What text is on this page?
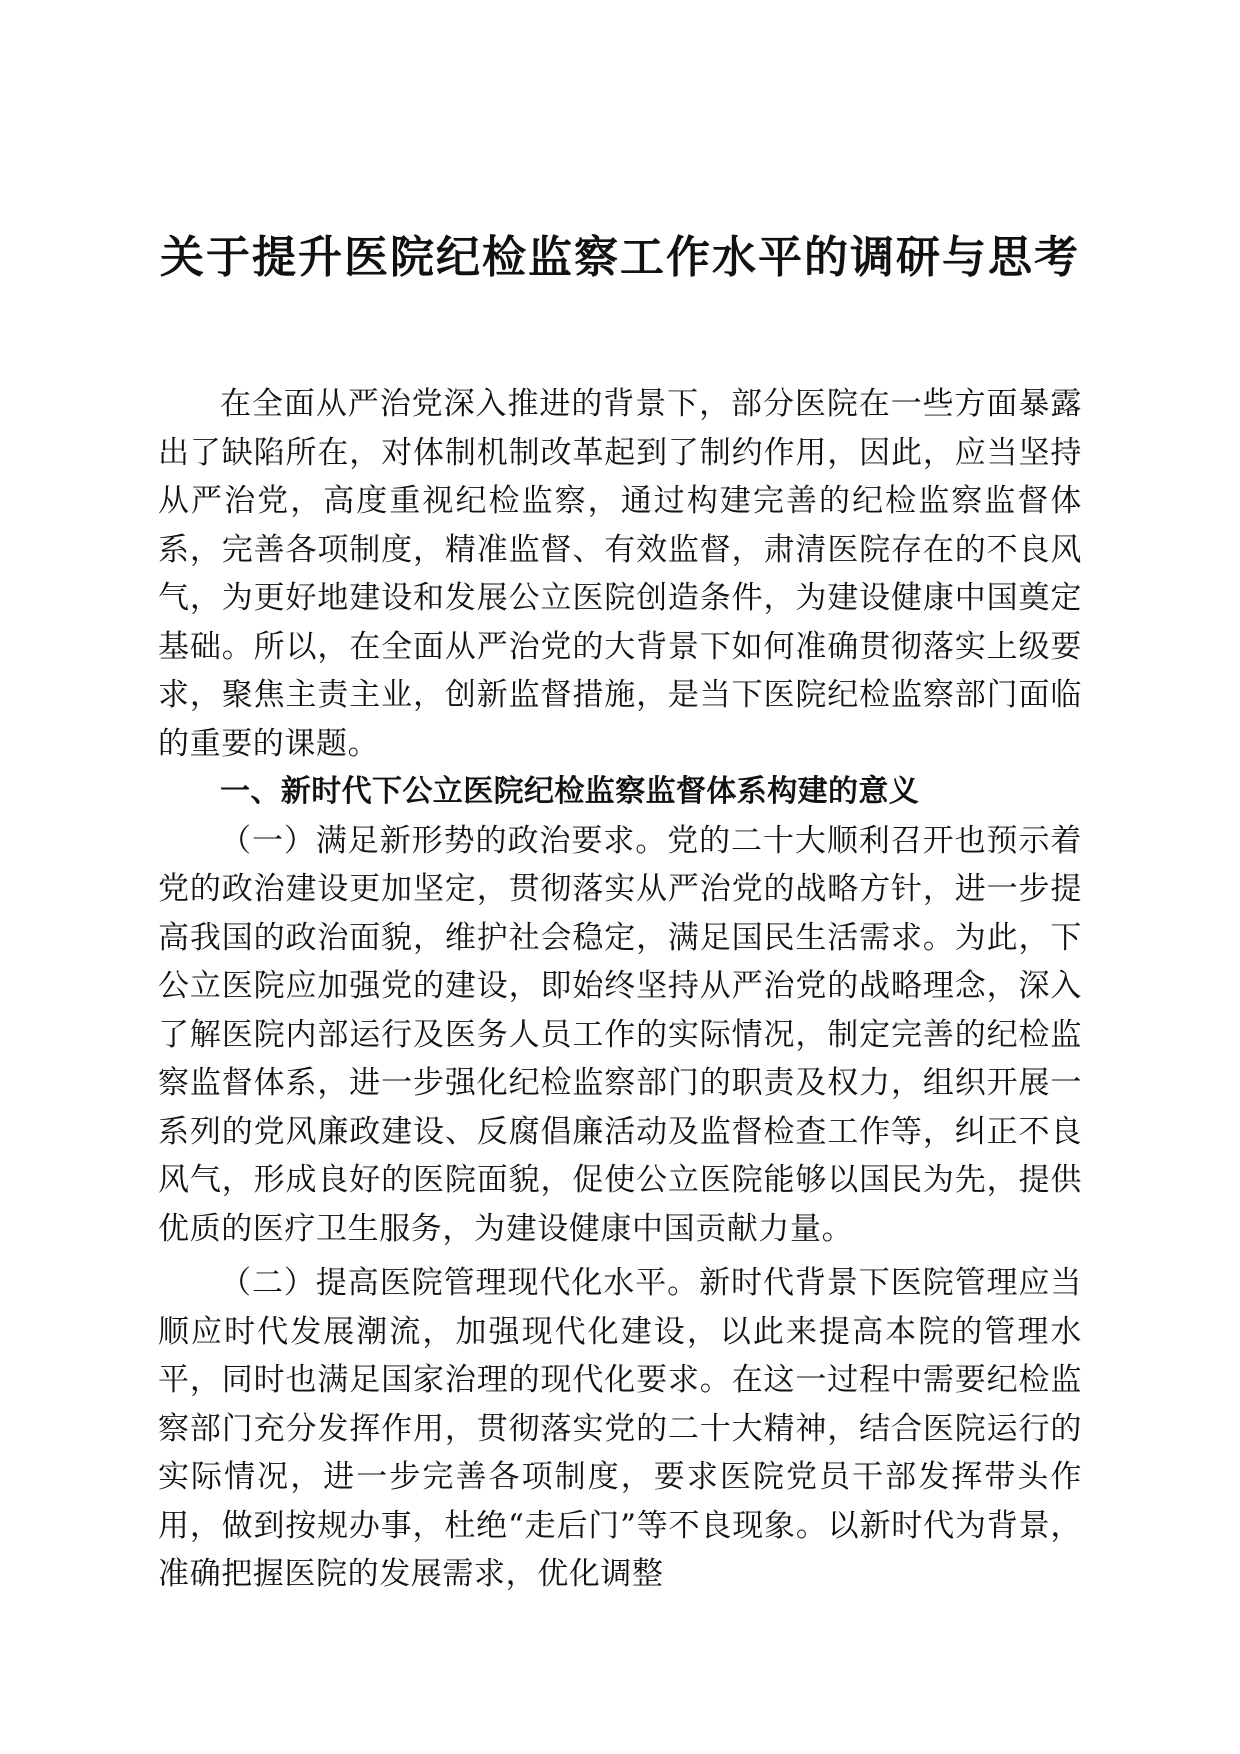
关于提升医院纪检监察工作水平的调研与思考

在全面从严治党深入推进的背景下，部分医院在一些方面暴露出了缺陷所在，对体制机制改革起到了制约作用，因此，应当坚持从严治党，高度重视纪检监察，通过构建完善的纪检监察监督体系，完善各项制度，精准监督、有效监督，肃清医院存在的不良风气，为更好地建设和发展公立医院创造条件，为建设健康中国奠定基础。所以，在全面从严治党的大背景下如何准确贯彻落实上级要求，聚焦主责主业，创新监督措施，是当下医院纪检监察部门面临的重要的课题。

一、新时代下公立医院纪检监察监督体系构建的意义

（一）满足新形势的政治要求。党的二十大顺利召开也预示着党的政治建设更加坚定，贯彻落实从严治党的战略方针，进一步提高我国的政治面貌，维护社会稳定，满足国民生活需求。为此，下公立医院应加强党的建设，即始终坚持从严治党的战略理念，深入了解医院内部运行及医务人员工作的实际情况，制定完善的纪检监察监督体系，进一步强化纪检监察部门的职责及权力，组织开展一系列的党风廉政建设、反腐倡廉活动及监督检查工作等，纠正不良风气，形成良好的医院面貌，促使公立医院能够以国民为先，提供优质的医疗卫生服务，为建设健康中国贡献力量。

（二）提高医院管理现代化水平。新时代背景下医院管理应当顺应时代发展潮流，加强现代化建设，以此来提高本院的管理水平，同时也满足国家治理的现代化要求。在这一过程中需要纪检监察部门充分发挥作用，贯彻落实党的二十大精神，结合医院运行的实际情况，进一步完善各项制度，要求医院党员干部发挥带头作用，做到按规办事，杜绝“走后门”等不良现象。以新时代为背景，准确把握医院的发展需求，优化调整
